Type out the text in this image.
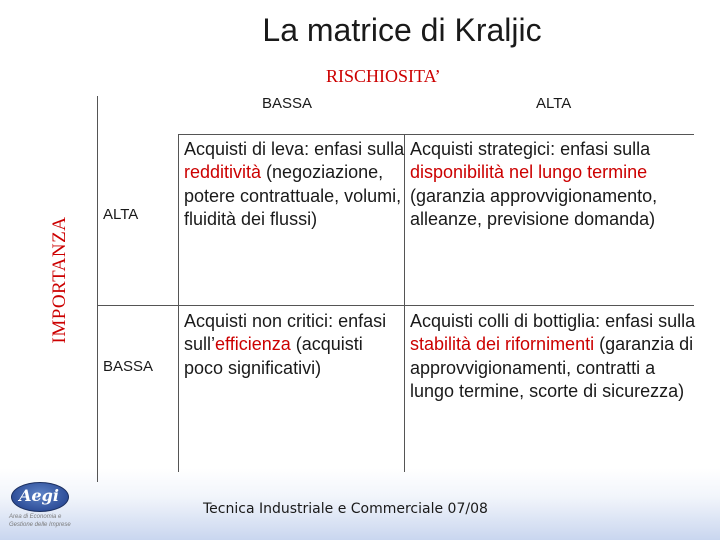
La matrice di Kraljic
RISCHIOSITA’
IMPORTANZA
BASSA	ALTA
ALTA
BASSA
Acquisti di leva: enfasi sulla redditività (negoziazione, potere contrattuale, volumi, fluidità dei flussi)
Acquisti strategici: enfasi sulla disponibilità nel lungo termine (garanzia approvvigionamento, alleanze, previsione domanda)
Acquisti non critici: enfasi sull’efficienza (acquisti poco significativi)
Acquisti colli di bottiglia: enfasi sulla stabilità dei rifornimenti (garanzia di approvvigionamenti, contratti a lungo termine, scorte di sicurezza)
Aegi
Area di Economia e Gestione delle Imprese
Tecnica Industriale e Commerciale 07/08
